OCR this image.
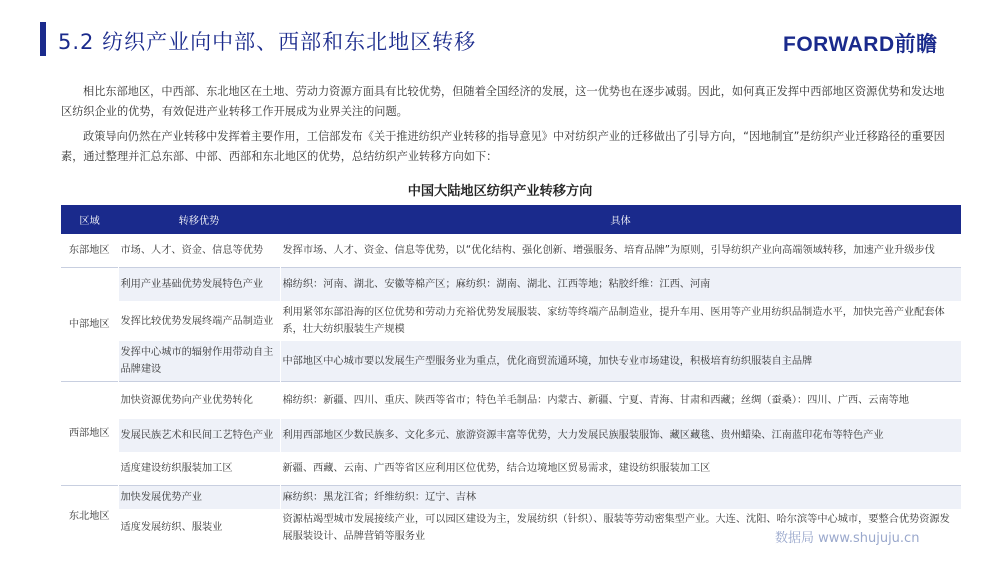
5.2 纺织产业向中部、西部和东北地区转移	FORWARD前瞻
相比东部地区，中西部、东北地区在土地、劳动力资源方面具有比较优势，但随着全国经济的发展，这一优势也在逐步减弱。因此，如何真正发挥中西部地区资源优势和发达地区纺织企业的优势，有效促进产业转移工作开展成为业界关注的问题。
政策导向仍然在产业转移中发挥着主要作用，工信部发布《关于推进纺织产业转移的指导意见》中对纺织产业的迁移做出了引导方向，“因地制宜”是纺织产业迁移路径的重要因素，通过整理并汇总东部、中部、西部和东北地区的优势，总结纺织产业转移方向如下：
中国大陆地区纺织产业转移方向
区域	转移优势	具体
东部地区	市场、人才、资金、信息等优势	发挥市场、人才、资金、信息等优势，以“优化结构、强化创新、增强服务、培育品牌”为原则，引导纺织产业向高端领域转移，加速产业升级步伐
中部地区	利用产业基础优势发展特色产业	棉纺织：河南、湖北、安徽等棉产区；麻纺织：湖南、湖北、江西等地；粘胶纤维：江西、河南
	发挥比较优势发展终端产品制造业	利用紧邻东部沿海的区位优势和劳动力充裕优势发展服装、家纺等终端产品制造业，提升车用、医用等产业用纺织品制造水平，加快完善产业配套体系，壮大纺织服装生产规模
	发挥中心城市的辐射作用带动自主品牌建设	中部地区中心城市要以发展生产型服务业为重点，优化商贸流通环境，加快专业市场建设，积极培育纺织服装自主品牌
西部地区	加快资源优势向产业优势转化	棉纺织：新疆、四川、重庆、陕西等省市；特色羊毛制品：内蒙古、新疆、宁夏、青海、甘肃和西藏；丝绸（蚕桑）：四川、广西、云南等地
	发展民族艺术和民间工艺特色产业	利用西部地区少数民族多、文化多元、旅游资源丰富等优势，大力发展民族服装服饰、藏区藏毯、贵州蜡染、江南蓝印花布等特色产业
	适度建设纺织服装加工区	新疆、西藏、云南、广西等省区应利用区位优势，结合边境地区贸易需求，建设纺织服装加工区
东北地区	加快发展优势产业	麻纺织：黑龙江省；纤维纺织：辽宁、吉林
	适度发展纺织、服装业	资源枯竭型城市发展接续产业，可以园区建设为主，发展纺织（针织）、服装等劳动密集型产业。大连、沈阳、哈尔滨等中心城市，要整合优势资源发展服装设计、品牌营销等服务业	数据局 www.shujuju.cn
